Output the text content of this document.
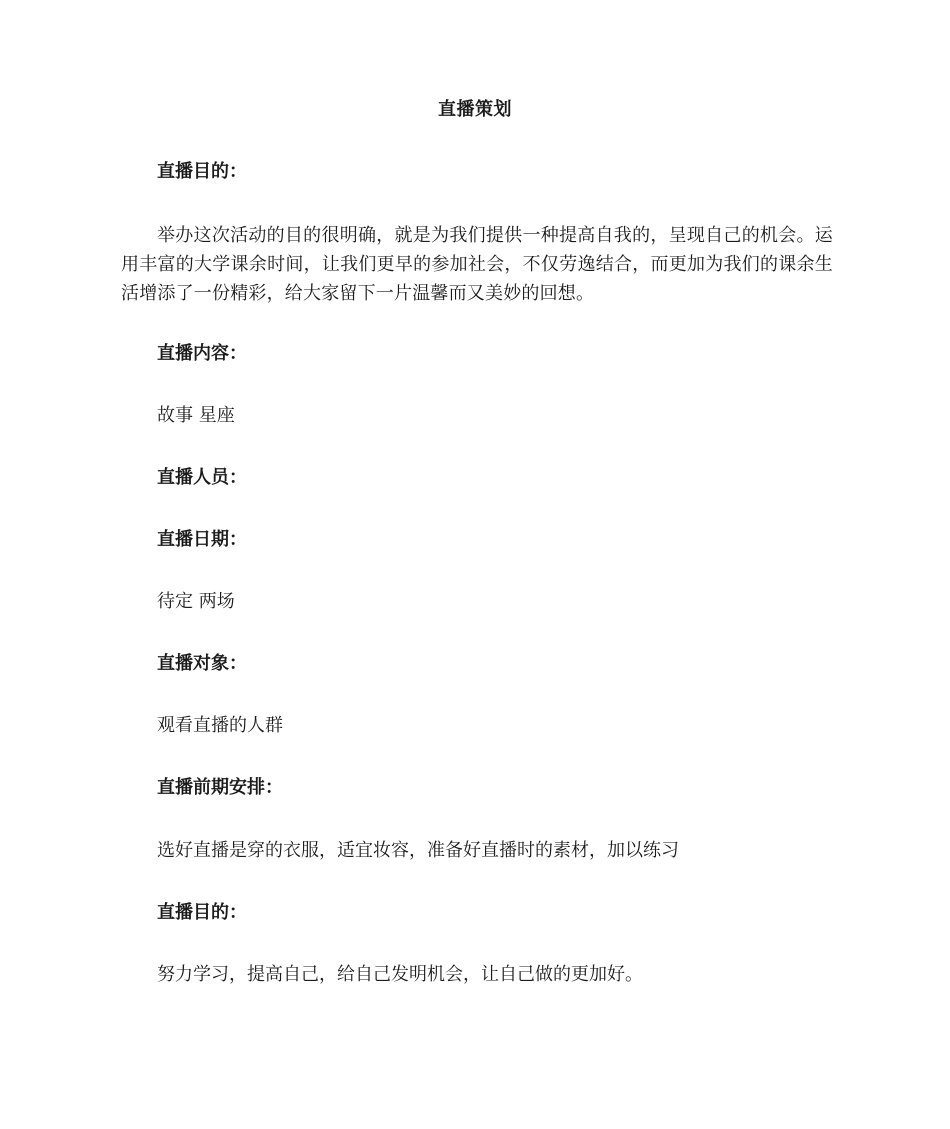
直播策划
直播目的：
举办这次活动的目的很明确，就是为我们提供一种提高自我的，呈现自己的机会。运用丰富的大学课余时间，让我们更早的参加社会，不仅劳逸结合，而更加为我们的课余生活增添了一份精彩，给大家留下一片温馨而又美妙的回想。
直播内容：
故事 星座
直播人员：
直播日期：
待定 两场
直播对象：
观看直播的人群
直播前期安排：
选好直播是穿的衣服，适宜妆容，准备好直播时的素材，加以练习
直播目的：
努力学习，提高自己，给自己发明机会，让自己做的更加好。
